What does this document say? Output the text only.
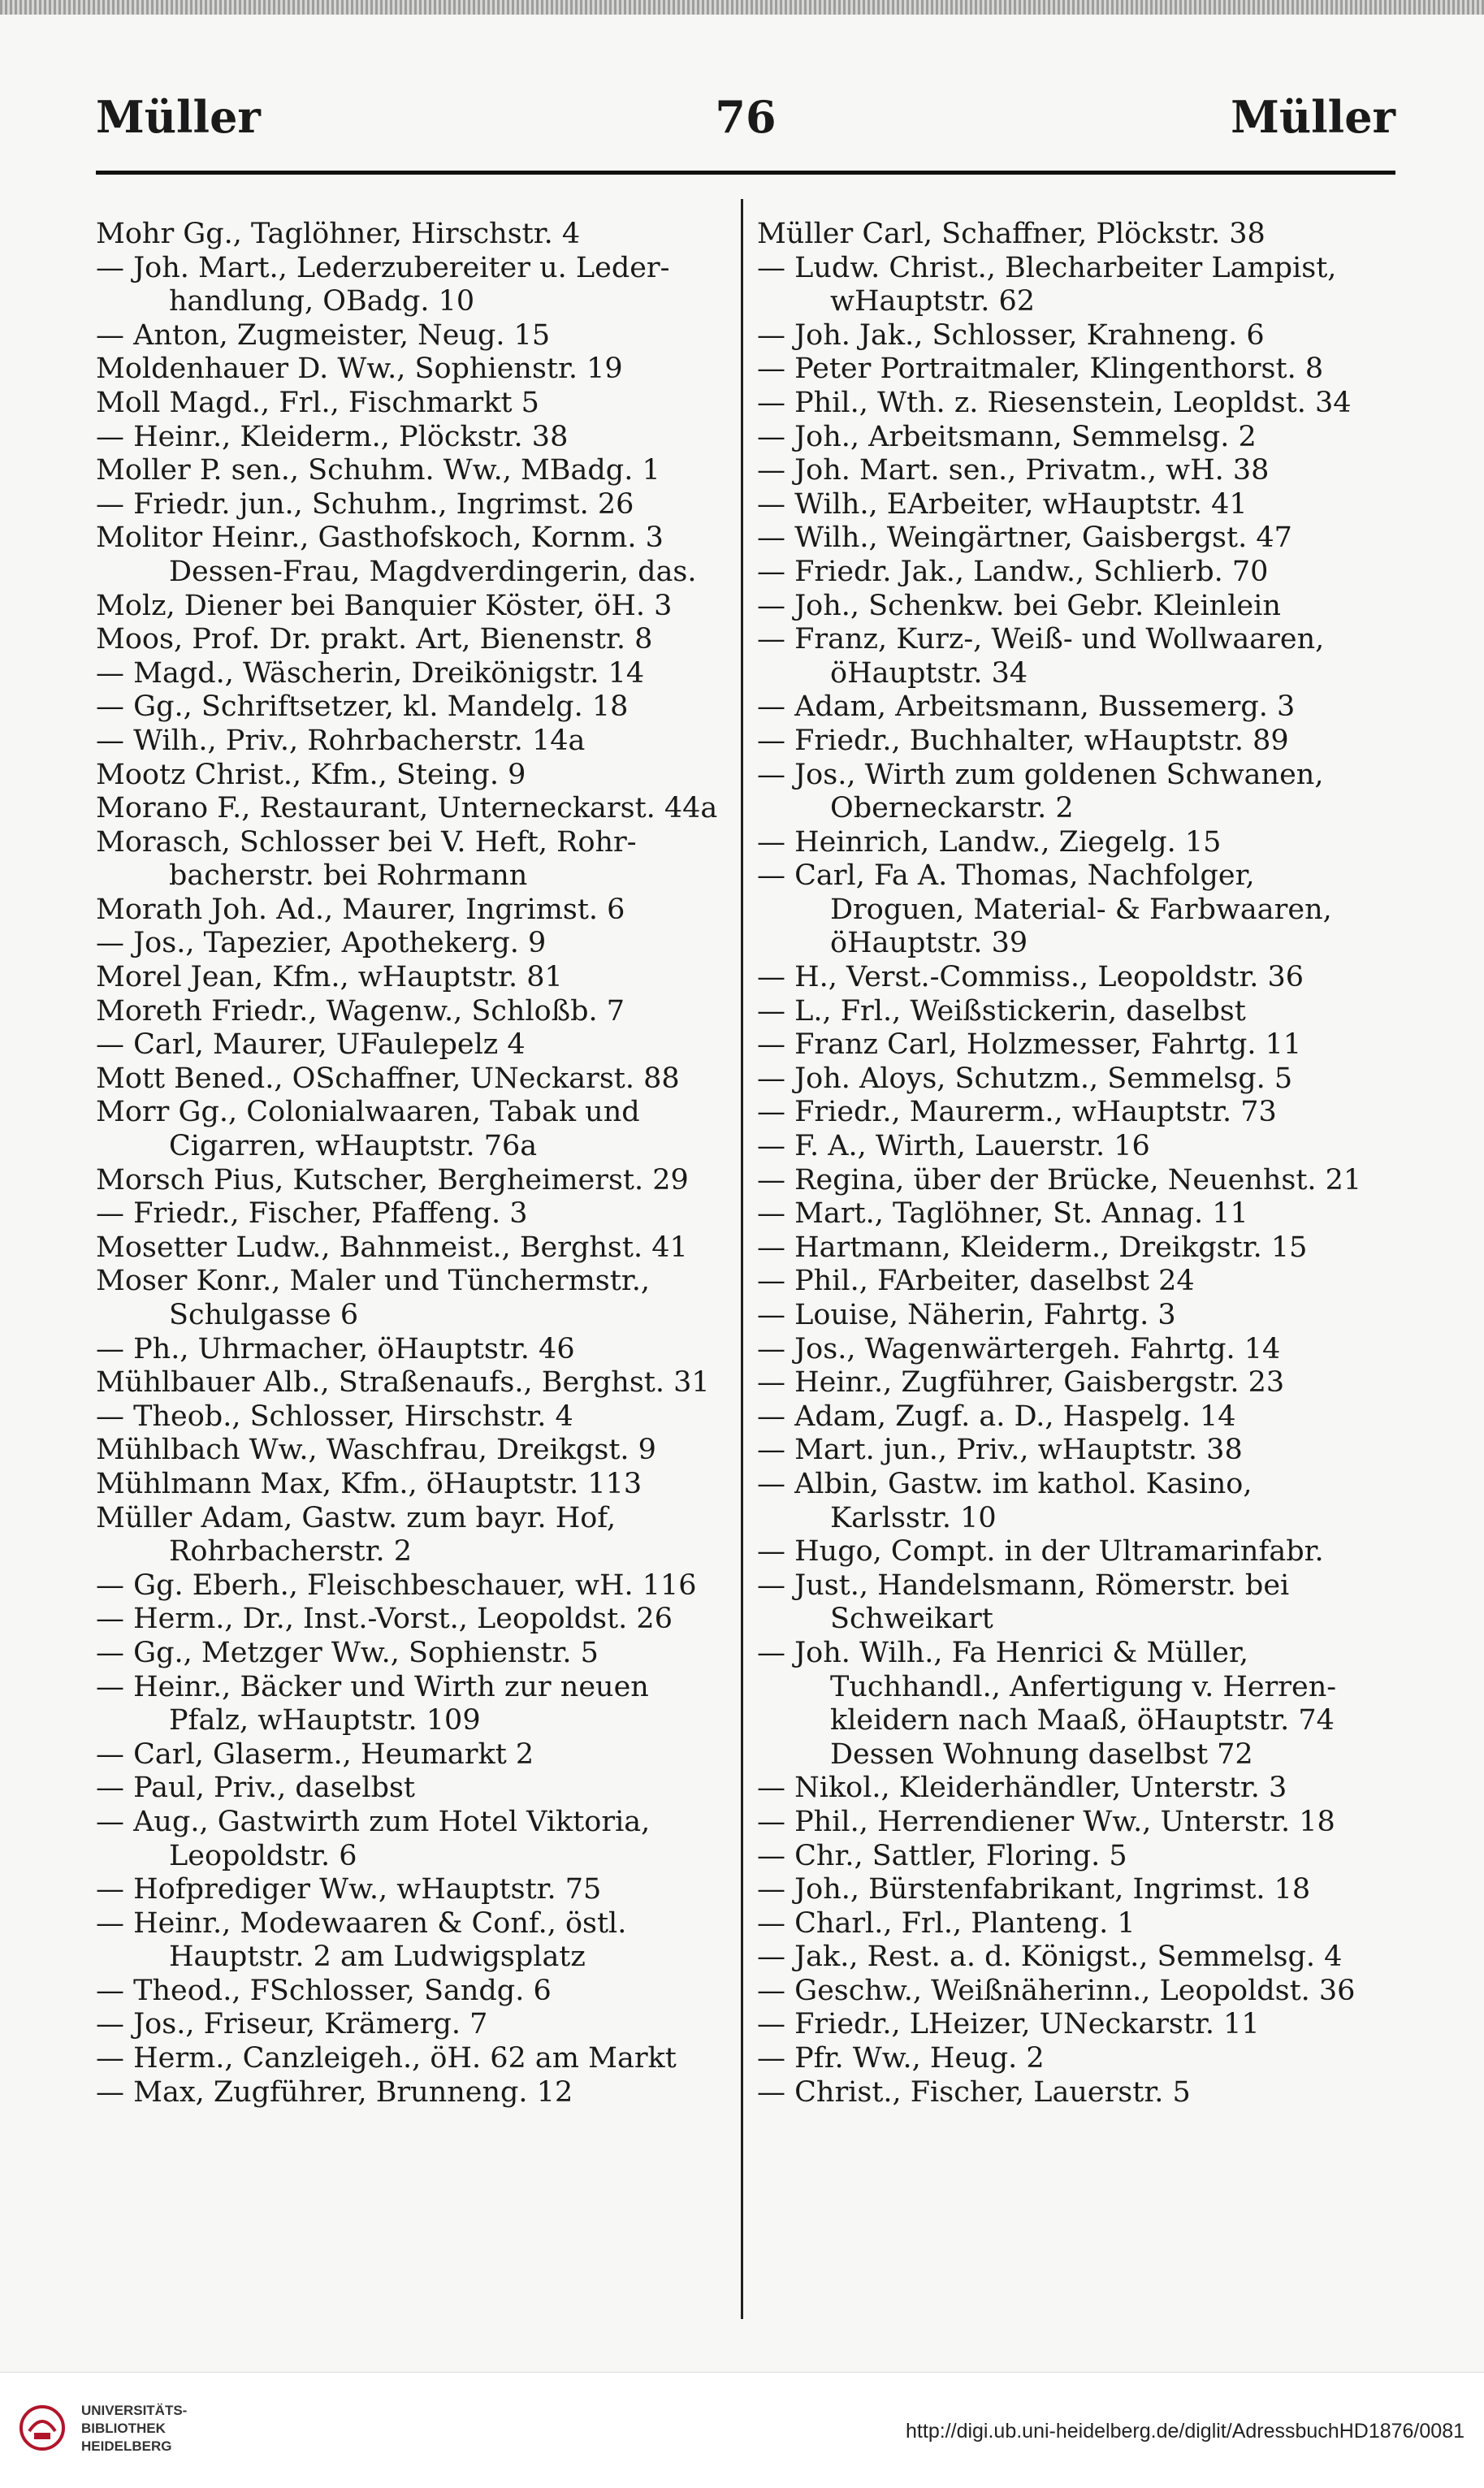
Müller	76	Müller
Mohr Gg., Taglöhner, Hirschstr. 4
— Joh. Mart., Lederzubereiter u. Leder-
handlung, OBadg. 10
— Anton, Zugmeister, Neug. 15
Moldenhauer D. Ww., Sophienstr. 19
Moll Magd., Frl., Fischmarkt 5
— Heinr., Kleiderm., Plöckstr. 38
Moller P. sen., Schuhm. Ww., MBadg. 1
— Friedr. jun., Schuhm., Ingrimst. 26
Molitor Heinr., Gasthofskoch, Kornm. 3
Dessen-Frau, Magdverdingerin, das.
Molz, Diener bei Banquier Köster, öH. 3
Moos, Prof. Dr. prakt. Art, Bienenstr. 8
— Magd., Wäscherin, Dreikönigstr. 14
— Gg., Schriftsetzer, kl. Mandelg. 18
— Wilh., Priv., Rohrbacherstr. 14a
Mootz Christ., Kfm., Steing. 9
Morano F., Restaurant, Unterneckarst. 44a
Morasch, Schlosser bei V. Heft, Rohr-
bacherstr. bei Rohrmann
Morath Joh. Ad., Maurer, Ingrimst. 6
— Jos., Tapezier, Apothekerg. 9
Morel Jean, Kfm., wHauptstr. 81
Moreth Friedr., Wagenw., Schloßb. 7
— Carl, Maurer, UFaulepelz 4
Mott Bened., OSchaffner, UNeckarst. 88
Morr Gg., Colonialwaaren, Tabak und
Cigarren, wHauptstr. 76a
Morsch Pius, Kutscher, Bergheimerst. 29
— Friedr., Fischer, Pfaffeng. 3
Mosetter Ludw., Bahnmeist., Berghst. 41
Moser Konr., Maler und Tünchermstr.,
Schulgasse 6
— Ph., Uhrmacher, öHauptstr. 46
Mühlbauer Alb., Straßenaufs., Berghst. 31
— Theob., Schlosser, Hirschstr. 4
Mühlbach Ww., Waschfrau, Dreikgst. 9
Mühlmann Max, Kfm., öHauptstr. 113
Müller Adam, Gastw. zum bayr. Hof,
Rohrbacherstr. 2
— Gg. Eberh., Fleischbeschauer, wH. 116
— Herm., Dr., Inst.-Vorst., Leopoldst. 26
— Gg., Metzger Ww., Sophienstr. 5
— Heinr., Bäcker und Wirth zur neuen
Pfalz, wHauptstr. 109
— Carl, Glaserm., Heumarkt 2
— Paul, Priv., daselbst
— Aug., Gastwirth zum Hotel Viktoria,
Leopoldstr. 6
— Hofprediger Ww., wHauptstr. 75
— Heinr., Modewaaren & Conf., östl.
Hauptstr. 2 am Ludwigsplatz
— Theod., FSchlosser, Sandg. 6
— Jos., Friseur, Krämerg. 7
— Herm., Canzleigeh., öH. 62 am Markt
— Max, Zugführer, Brunneng. 12
Müller Carl, Schaffner, Plöckstr. 38
— Ludw. Christ., Blecharbeiter Lampist,
wHauptstr. 62
— Joh. Jak., Schlosser, Krahneng. 6
— Peter Portraitmaler, Klingenthorst. 8
— Phil., Wth. z. Riesenstein, Leopldst. 34
— Joh., Arbeitsmann, Semmelsg. 2
— Joh. Mart. sen., Privatm., wH. 38
— Wilh., EArbeiter, wHauptstr. 41
— Wilh., Weingärtner, Gaisbergst. 47
— Friedr. Jak., Landw., Schlierb. 70
— Joh., Schenkw. bei Gebr. Kleinlein
— Franz, Kurz-, Weiß- und Wollwaaren,
öHauptstr. 34
— Adam, Arbeitsmann, Bussemerg. 3
— Friedr., Buchhalter, wHauptstr. 89
— Jos., Wirth zum goldenen Schwanen,
Oberneckarstr. 2
— Heinrich, Landw., Ziegelg. 15
— Carl, Fa A. Thomas, Nachfolger,
Droguen, Material- & Farbwaaren,
öHauptstr. 39
— H., Verst.-Commiss., Leopoldstr. 36
— L., Frl., Weißstickerin, daselbst
— Franz Carl, Holzmesser, Fahrtg. 11
— Joh. Aloys, Schutzm., Semmelsg. 5
— Friedr., Maurerm., wHauptstr. 73
— F. A., Wirth, Lauerstr. 16
— Regina, über der Brücke, Neuenhst. 21
— Mart., Taglöhner, St. Annag. 11
— Hartmann, Kleiderm., Dreikgstr. 15
— Phil., FArbeiter, daselbst 24
— Louise, Näherin, Fahrtg. 3
— Jos., Wagenwärtergeh. Fahrtg. 14
— Heinr., Zugführer, Gaisbergstr. 23
— Adam, Zugf. a. D., Haspelg. 14
— Mart. jun., Priv., wHauptstr. 38
— Albin, Gastw. im kathol. Kasino,
Karlsstr. 10
— Hugo, Compt. in der Ultramarinfabr.
— Just., Handelsmann, Römerstr. bei
Schweikart
— Joh. Wilh., Fa Henrici & Müller,
Tuchhandl., Anfertigung v. Herren-
kleidern nach Maaß, öHauptstr. 74
Dessen Wohnung daselbst 72
— Nikol., Kleiderhändler, Unterstr. 3
— Phil., Herrendiener Ww., Unterstr. 18
— Chr., Sattler, Floring. 5
— Joh., Bürstenfabrikant, Ingrimst. 18
— Charl., Frl., Planteng. 1
— Jak., Rest. a. d. Königst., Semmelsg. 4
— Geschw., Weißnäherinn., Leopoldst. 36
— Friedr., LHeizer, UNeckarstr. 11
— Pfr. Ww., Heug. 2
— Christ., Fischer, Lauerstr. 5
UNIVERSITÄTS-
BIBLIOTHEK
HEIDELBERG
http://digi.ub.uni-heidelberg.de/diglit/AdressbuchHD1876/0081
